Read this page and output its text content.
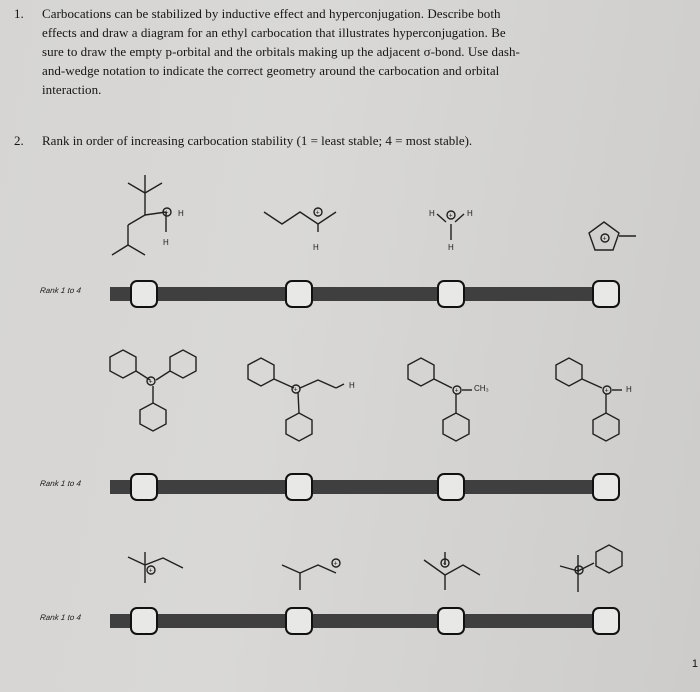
1.	Carbocations can be stabilized by inductive effect and hyperconjugation. Describe both
effects and draw a diagram for an ethyl carbocation that illustrates hyperconjugation. Be
sure to draw the empty p-orbital and the orbitals making up the adjacent σ-bond. Use dash-
and-wedge notation to indicate the correct geometry around the carbocation and orbital
interaction.
2.	Rank in order of increasing carbocation stability (1 = least stable; 4 = most stable).
+ H
H
+
H
H	H
+
H
+
+
+	H
+ CH₃	+ H
+
+	+
+
Rank 1 to 4
Rank 1 to 4
Rank 1 to 4
1
